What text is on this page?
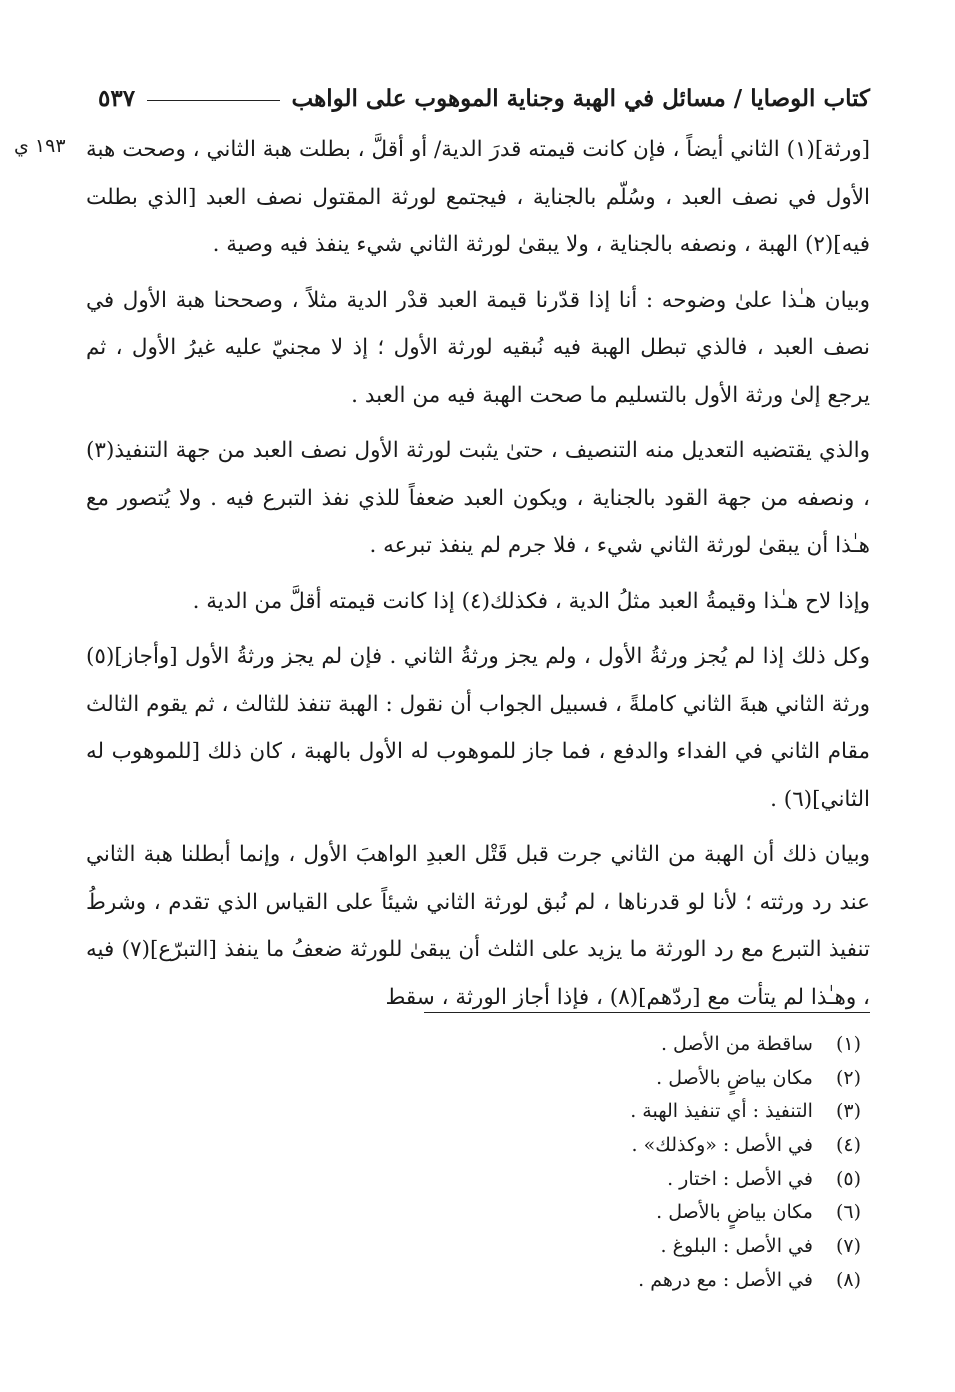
كتاب الوصايا / مسائل في الهبة وجناية الموهوب على الواهب
٥٣٧
١٩٣ ي [ورثة](١) الثاني أيضاً ، فإن كانت قيمته قدرَ الدية/ أو أقلَّ ، بطلت هبة الثاني ، وصحت هبة الأول في نصف العبد ، وسُلّم بالجناية ، فيجتمع لورثة المقتول نصف العبد [الذي بطلت فيه](٢) الهبة ، ونصفه بالجناية ، ولا يبقىٰ لورثة الثاني شيء ينفذ فيه وصية .

وبيان هـٰذا علىٰ وضوحه : أنا إذا قدّرنا قيمة العبد قدْر الدية مثلاً ، وصححنا هبة الأول في نصف العبد ، فالذي تبطل الهبة فيه نُبقيه لورثة الأول ؛ إذ لا مجنيّ عليه غيرُ الأول ، ثم يرجع إلىٰ ورثة الأول بالتسليم ما صحت الهبة فيه من العبد .

والذي يقتضيه التعديل منه التنصيف ، حتىٰ يثبت لورثة الأول نصف العبد من جهة التنفيذ(٣) ، ونصفه من جهة القود بالجناية ، ويكون العبد ضعفاً للذي نفذ التبرع فيه . ولا يُتصور مع هـٰذا أن يبقىٰ لورثة الثاني شيء ، فلا جرم لم ينفذ تبرعه .

وإذا لاح هـٰذا وقيمةُ العبد مثلُ الدية ، فكذلك(٤) إذا كانت قيمته أقلَّ من الدية .

وكل ذلك إذا لم يُجز ورثةُ الأول ، ولم يجز ورثةُ الثاني . فإن لم يجز ورثةُ الأول [وأجاز](٥) ورثة الثاني هبةَ الثاني كاملةً ، فسبيل الجواب أن نقول : الهبة تنفذ للثالث ، ثم يقوم الثالث مقام الثاني في الفداء والدفع ، فما جاز للموهوب له الأول بالهبة ، كان ذلك [للموهوب له الثاني](٦) .

وبيان ذلك أن الهبة من الثاني جرت قبل قَتْل العبدِ الواهبَ الأول ، وإنما أبطلنا هبة الثاني عند رد ورثته ؛ لأنا لو قدرناها ، لم نُبق لورثة الثاني شيئاً على القياس الذي تقدم ، وشرطُ تنفيذ التبرع مع رد الورثة ما يزيد على الثلث أن يبقىٰ للورثة ضعفُ ما ينفذ [التبرّع](٧) فيه ، وهـٰذا لم يتأت مع [ردّهم](٨) ، فإذا أجاز الورثة ، سقط

(١) ساقطة من الأصل .
(٢) مكان بياضٍ بالأصل .
(٣) التنفيذ : أي تنفيذ الهبة .
(٤) في الأصل : «وكذلك» .
(٥) في الأصل : اختار .
(٦) مكان بياضٍ بالأصل .
(٧) في الأصل : البلوغ .
(٨) في الأصل : مع درهم .
